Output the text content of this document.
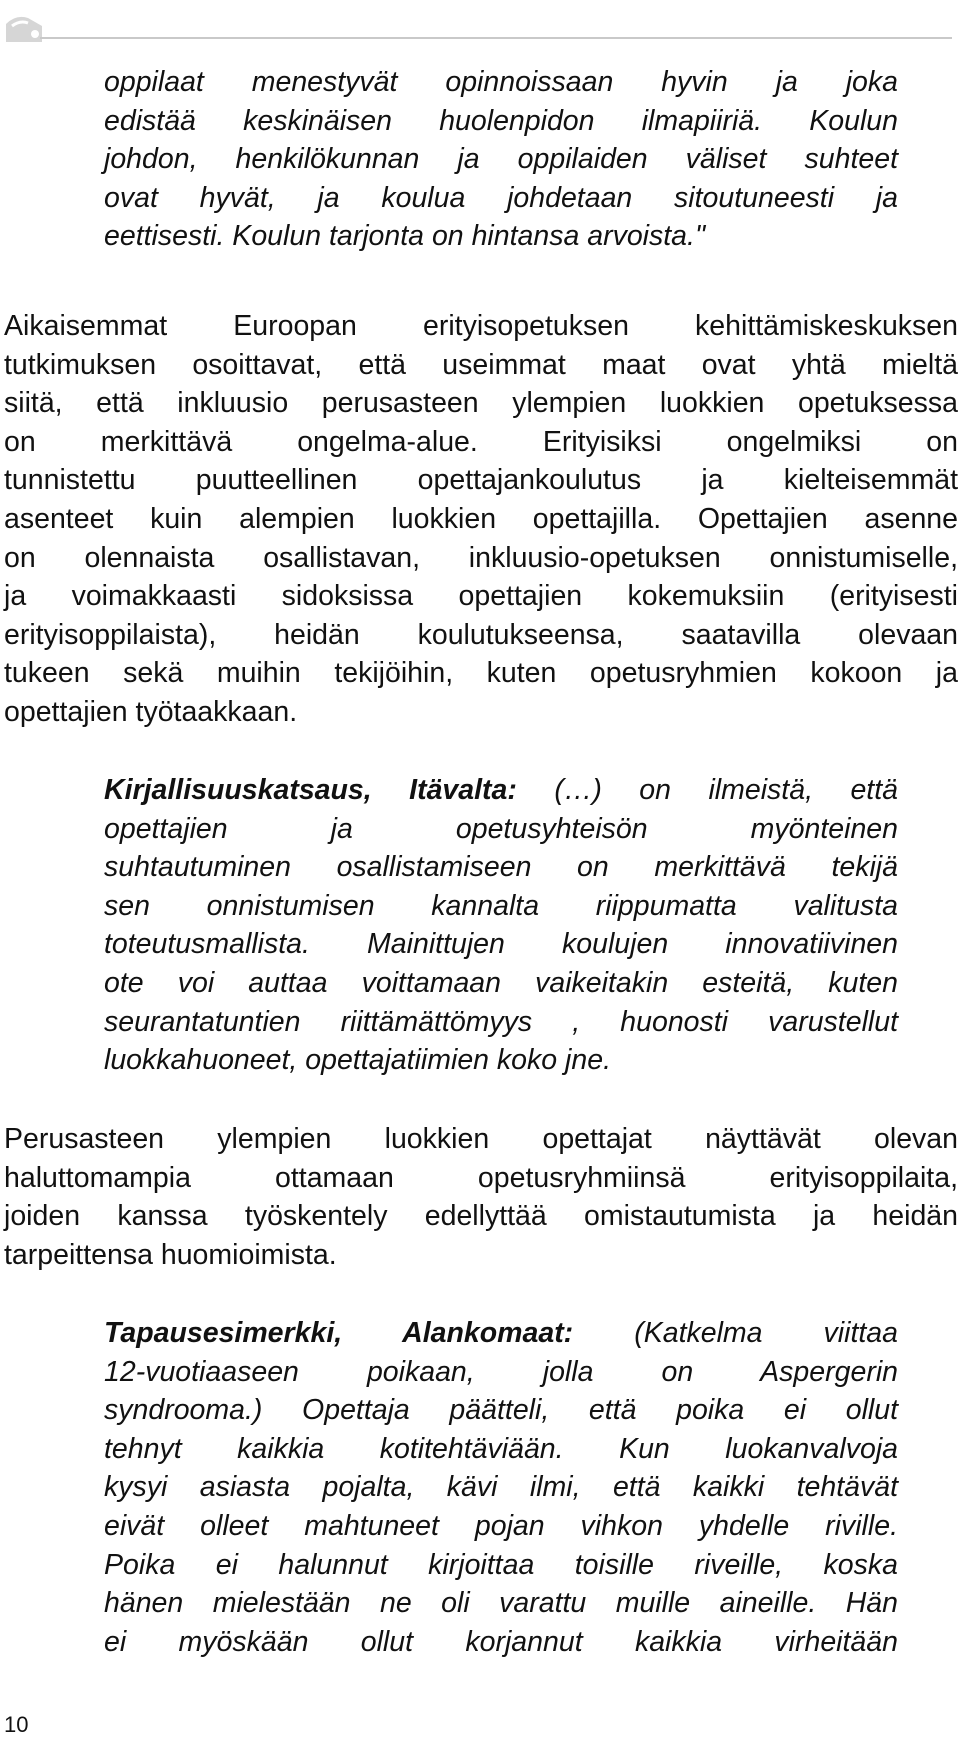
oppilaat menestyvät opinnoissaan hyvin ja joka
edistää keskinäisen huolenpidon ilmapiiriä. Koulun
johdon, henkilökunnan ja oppilaiden väliset suhteet
ovat hyvät, ja koulua johdetaan sitoutuneesti ja
eettisesti. Koulun tarjonta on hintansa arvoista."
Aikaisemmat Euroopan erityisopetuksen kehittämiskeskuksen
tutkimuksen osoittavat, että useimmat maat ovat yhtä mieltä
siitä, että inkluusio perusasteen ylempien luokkien opetuksessa
on merkittävä ongelma-alue. Erityisiksi ongelmiksi on
tunnistettu puutteellinen opettajankoulutus ja kielteisemmät
asenteet kuin alempien luokkien opettajilla. Opettajien asenne
on olennaista osallistavan, inkluusio-opetuksen onnistumiselle,
ja voimakkaasti sidoksissa opettajien kokemuksiin (erityisesti
erityisoppilaista), heidän koulutukseensa, saatavilla olevaan
tukeen sekä muihin tekijöihin, kuten opetusryhmien kokoon ja
opettajien työtaakkaan.
Kirjallisuuskatsaus, Itävalta: (…) on ilmeistä, että
opettajien ja opetusyhteisön myönteinen
suhtautuminen osallistamiseen on merkittävä tekijä
sen onnistumisen kannalta riippumatta valitusta
toteutusmallista. Mainittujen koulujen innovatiivinen
ote voi auttaa voittamaan vaikeitakin esteitä, kuten
seurantatuntien riittämättömyys , huonosti varustellut
luokkahuoneet, opettajatiimien koko jne.
Perusasteen ylempien luokkien opettajat näyttävät olevan
haluttomampia ottamaan opetusryhmiinsä erityisoppilaita,
joiden kanssa työskentely edellyttää omistautumista ja heidän
tarpeittensa huomioimista.
Tapausesimerkki, Alankomaat: (Katkelma viittaa
12-vuotiaaseen poikaan, jolla on Aspergerin
syndrooma.) Opettaja päätteli, että poika ei ollut
tehnyt kaikkia kotitehtäviään. Kun luokanvalvoja
kysyi asiasta pojalta, kävi ilmi, että kaikki tehtävät
eivät olleet mahtuneet pojan vihkon yhdelle riville.
Poika ei halunnut kirjoittaa toisille riveille, koska
hänen mielestään ne oli varattu muille aineille. Hän
ei myöskään ollut korjannut kaikkia virheitään
10
